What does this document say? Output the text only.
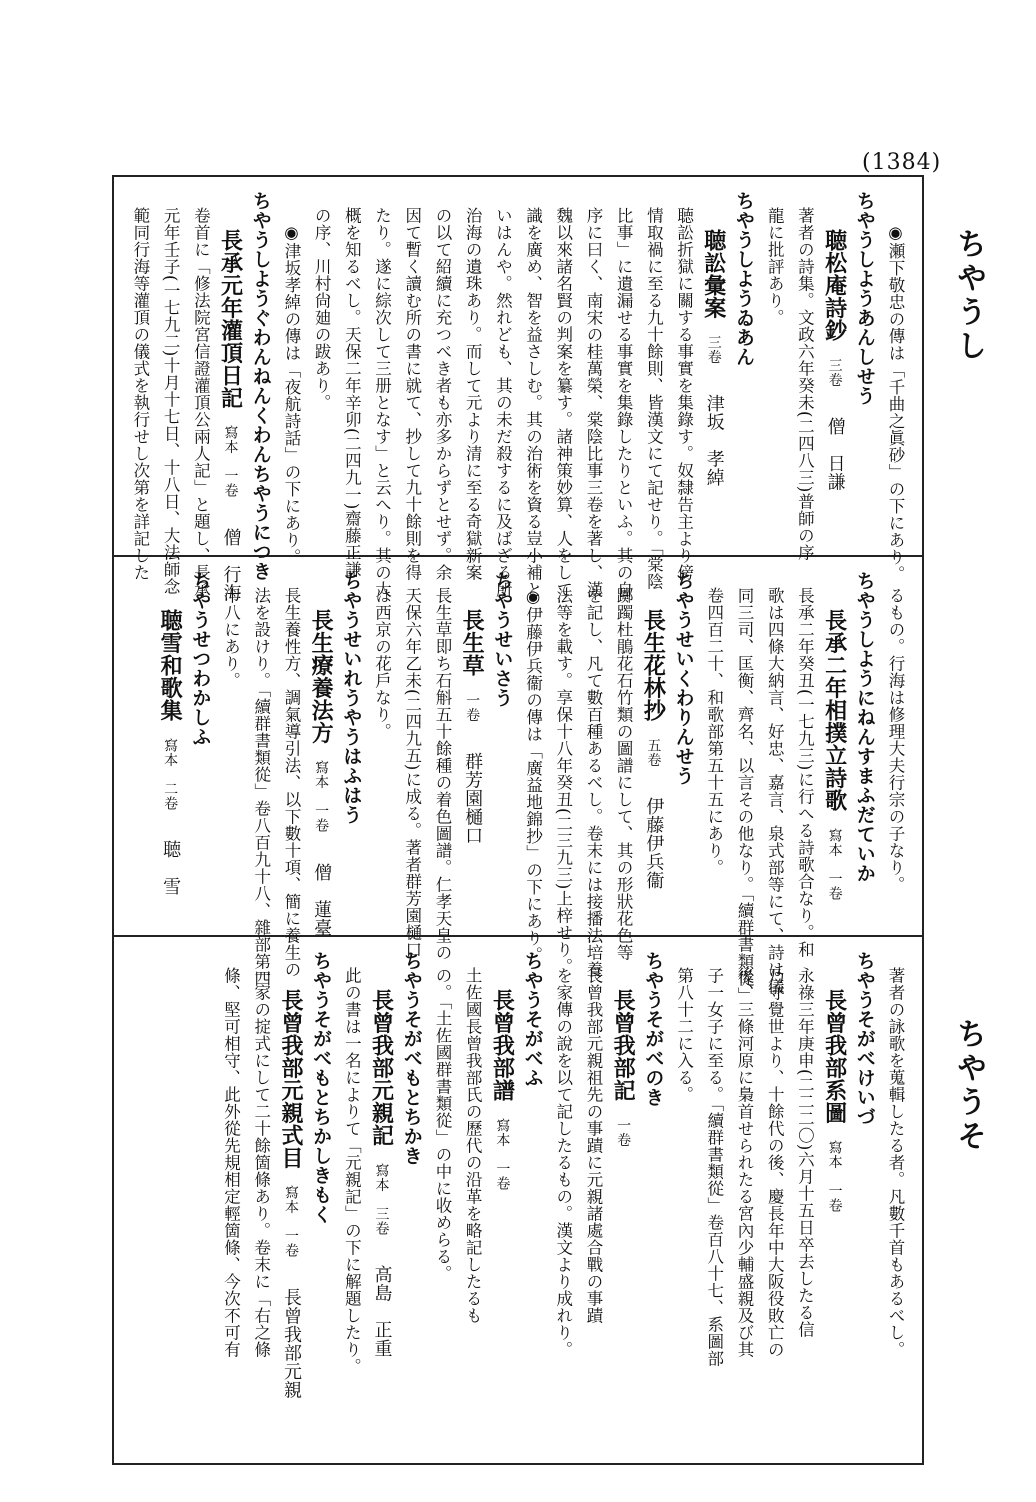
(1384)
ちやうし
ちやうそ
◉瀬下敬忠の傳は「千曲之眞砂」の下にあり。
ちやうしようあんしせう
聴松庵詩鈔三卷僧　日謙
著者の詩集。文政六年癸未(二四八三)普師の序
龍に批評あり。
ちやうしようゐあん
聴訟彙案三卷津坂　孝綽
聴訟折獄に關する事實を集錄す。奴隸告主より傍
情取禍に至る九十餘則、皆漢文にて記せり。「棠陰
比事」に遺漏せる事實を集錄したりといふ。其の自
序に曰く、南宋の桂萬榮、棠陰比事三卷を著し、漢
魏以來諸名賢の判案を纂す。諸神策妙算、人をして
識を廣め、智を益さしむ。其の治術を資る豈小補と
いはんや。然れども、其の未だ殺するに及ばざる所
治海の遺珠あり。而して元より清に至る奇獄新案
の以て紹續に充つべき者も亦多からずとせず。余
因て暫く讀む所の書に就て、抄して九十餘則を得
たり。遂に綜次して三册となす」と云へり。其の大
概を知るべし。天保二年辛卯(二四九一)齋藤正謙
の序、川村尙廸の跋あり。
◉津坂孝綽の傳は「夜航詩話」の下にあり。
ちやうしようぐわんねんくわんちやうにつき
長承元年灌頂日記寫本　一卷僧　行海
卷首に「修法院宮信證灌頂公兩人記」と題し、長承
元年壬子(一七九二)十月十七日、十八日、大法師念
範同行海等灌頂の儀式を執行せし次第を詳記した
るもの。行海は修理大夫行宗の子なり。
ちやうしようにねんすまふだていか
長承二年相撲立詩歌寫本　一卷
長承二年癸丑(一七九三)に行へる詩歌合なり。和
歌は四條大納言、好忠、嘉言、泉式部等にて、詩は儀
同三司、匡衡、齊名、以言その他なり。「續群書類從」
卷四百二十、和歌部第五十五にあり。
ちやうせいくわりんせう
長生花林抄五卷伊藤伊兵衞
躑躅杜鵑花石竹類の圖譜にして、其の形狀花色等
を記し、凡て數百種あるべし。卷末には接播法培養
法等を載す。享保十八年癸丑(二三九三)上梓せり。
◉伊藤伊兵衞の傳は「廣益地錦抄」の下にあり。
ちやうせいさう
長生草一卷群芳園樋口
長生草即ち石斛五十餘種の着色圖譜。仁孝天皇の
天保六年乙未(二四九五)に成る。著者群芳園樋口
は西京の花戶なり。
ちやうせいれうやうはふはう
長生療養法方寫本　一卷僧　蓮臺
長生養性方、調氣導引法、以下數十項、簡に養生の
法を設けり。「續群書類從」卷八百九十八、雜部第四
十八にあり。
ちやうせつわかしふ
聴雪和歌集寫本　二卷聴　雪
著者の詠歌を蒐輯したる者。凡數千首もあるべし。
ちやうそがべけいづ
長曾我部系圖寫本　一卷
永祿三年庚申(二二二〇)六月十五日卒去したる信
乃守覺世より、十餘代の後、慶長年中大阪役敗亡の
後、三條河原に梟首せられたる宮內少輔盛親及び其
子一女子に至る。「續群書類從」卷百八十七、系圖部
第八十二に入る。
ちやうそがべのき
長曾我部記一卷
長曾我部元親祖先の事蹟に元親諸處合戰の事蹟
を家傳の說を以て記したるもの。漢文より成れり。
ちやうそがべふ
長曾我部譜寫本　一卷
土佐國長曾我部氏の歷代の沿革を略記したるも
の。「土佐國群書類從」の中に收めらる。
ちやうそがべもとちかき
長曾我部元親記寫本　三卷高島　正重
此の書は一名によりて「元親記」の下に解題したり。
ちやうそがべもとちかしきもく
長曾我部元親式目寫本　一卷長曾我部元親
一家の掟式にして二十餘箇條あり。卷末に「右之條
條、堅可相守、此外從先規相定輕箇條、今次不可有
